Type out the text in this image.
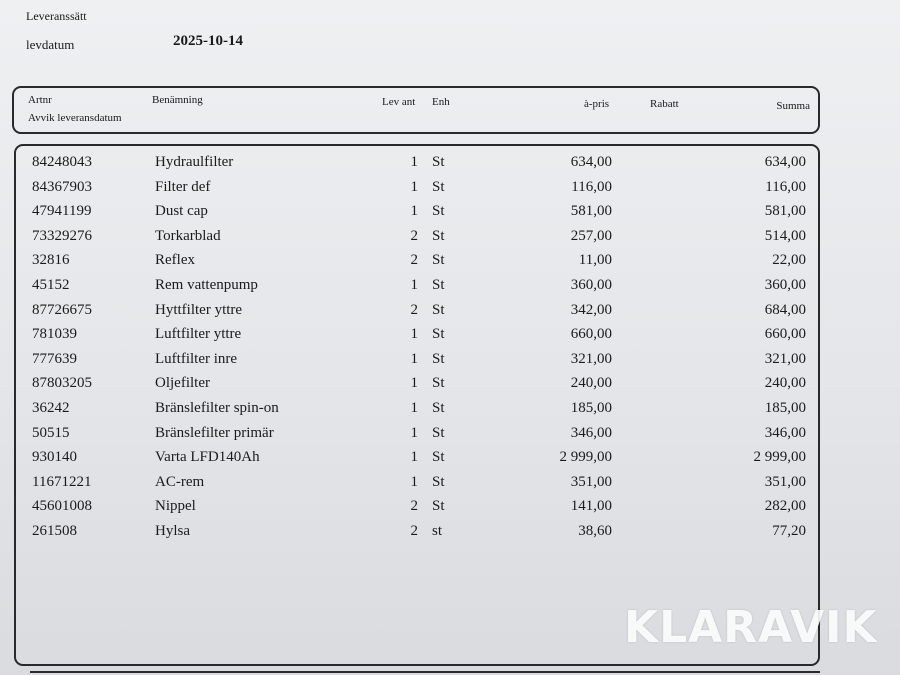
Leveranssätt
levdatum	2025-10-14
Artnr	Benämning	Lev ant Enh	à-pris	Rabatt	Summa
Avvik leveransdatum
84248043	Hydraulfilter	1 St	634,00	634,00
84367903	Filter def	1 St	116,00	116,00
47941199	Dust cap	1 St	581,00	581,00
73329276	Torkarblad	2 St	257,00	514,00
32816	Reflex	2 St	11,00	22,00
45152	Rem vattenpump	1 St	360,00	360,00
87726675	Hyttfilter yttre	2 St	342,00	684,00
781039	Luftfilter yttre	1 St	660,00	660,00
777639	Luftfilter inre	1 St	321,00	321,00
87803205	Oljefilter	1 St	240,00	240,00
36242	Bränslefilter spin-on	1 St	185,00	185,00
50515	Bränslefilter primär	1 St	346,00	346,00
930140	Varta LFD140Ah	1 St	2 999,00	2 999,00
11671221	AC-rem	1 St	351,00	351,00
45601008	Nippel	2 St	141,00	282,00
261508	Hylsa	2 st	38,60	77,20
KLARAVIK
